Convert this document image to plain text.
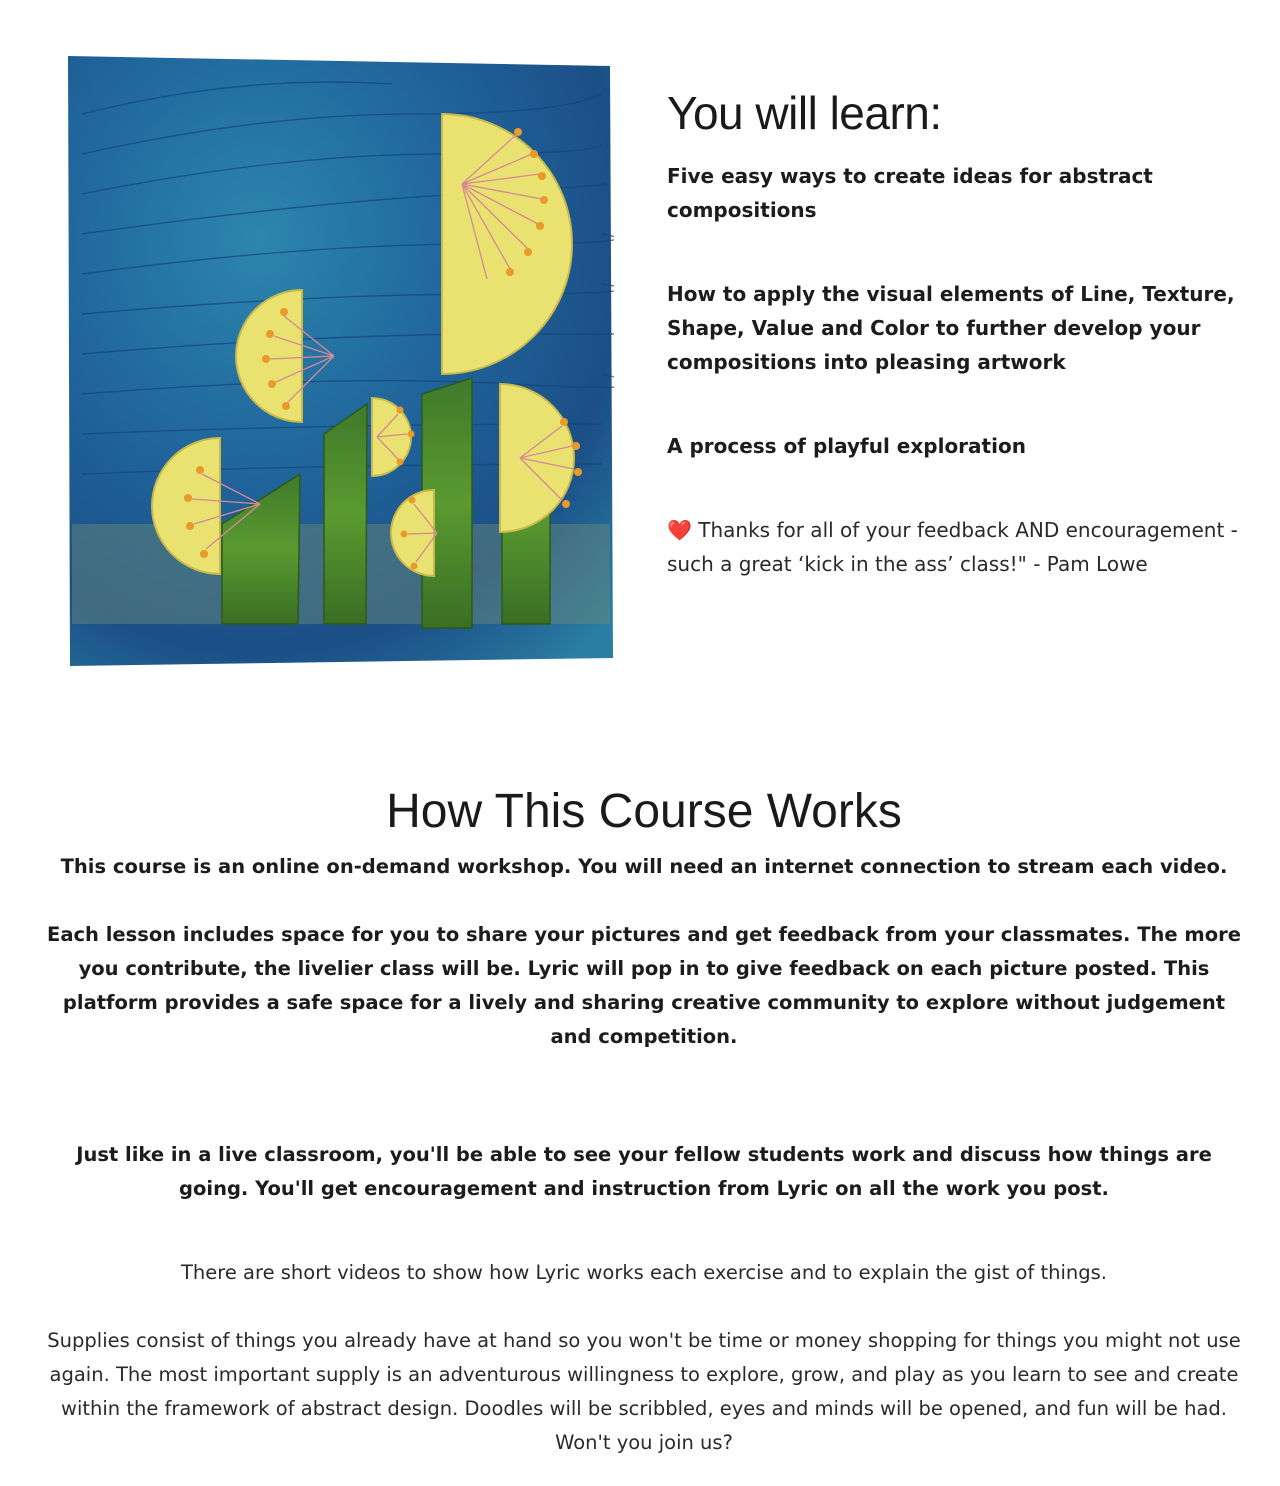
You will learn:

Five easy ways to create ideas for abstract compositions

How to apply the visual elements of Line, Texture, Shape, Value and Color to further develop your compositions into pleasing artwork

A process of playful exploration

❤️ Thanks for all of your feedback AND encouragement - such a great ‘kick in the ass’ class!" - Pam Lowe

How This Course Works

This course is an online on-demand workshop. You will need an internet connection to stream each video.

Each lesson includes space for you to share your pictures and get feedback from your classmates. The more you contribute, the livelier class will be. Lyric will pop in to give feedback on each picture posted. This platform provides a safe space for a lively and sharing creative community to explore without judgement and competition.

Just like in a live classroom, you'll be able to see your fellow students work and discuss how things are going. You'll get encouragement and instruction from Lyric on all the work you post.

There are short videos to show how Lyric works each exercise and to explain the gist of things.

Supplies consist of things you already have at hand so you won't be time or money shopping for things you might not use again. The most important supply is an adventurous willingness to explore, grow, and play as you learn to see and create within the framework of abstract design. Doodles will be scribbled, eyes and minds will be opened, and fun will be had. Won't you join us?
